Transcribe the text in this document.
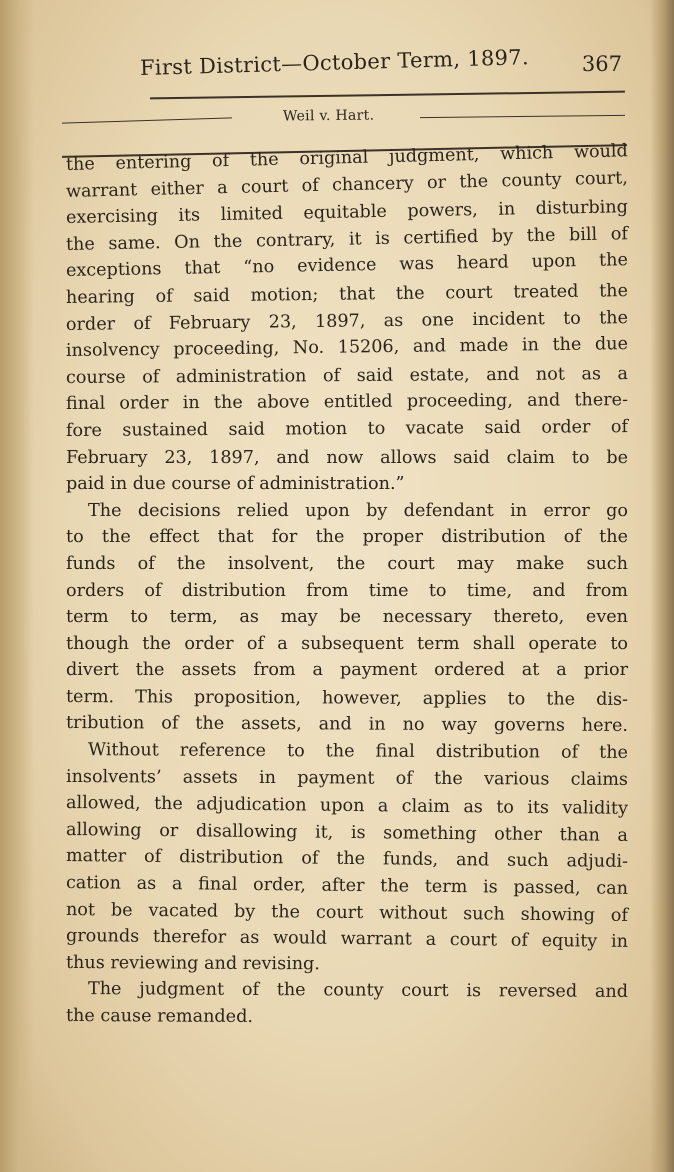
First District—October Term, 1897.	367
Weil v. Hart.
the entering of the original judgment, which would
warrant either a court of chancery or the county court,
exercising its limited equitable powers, in disturbing
the same. On the contrary, it is certified by the bill of
exceptions that “no evidence was heard upon the
hearing of said motion; that the court treated the
order of February 23, 1897, as one incident to the
insolvency proceeding, No. 15206, and made in the due
course of administration of said estate, and not as a
final order in the above entitled proceeding, and there-
fore sustained said motion to vacate said order of
February 23, 1897, and now allows said claim to be
paid in due course of administration.”
The decisions relied upon by defendant in error go
to the effect that for the proper distribution of the
funds of the insolvent, the court may make such
orders of distribution from time to time, and from
term to term, as may be necessary thereto, even
though the order of a subsequent term shall operate to
divert the assets from a payment ordered at a prior
term. This proposition, however, applies to the dis-
tribution of the assets, and in no way governs here.
Without reference to the final distribution of the
insolvents’ assets in payment of the various claims
allowed, the adjudication upon a claim as to its validity
allowing or disallowing it, is something other than a
matter of distribution of the funds, and such adjudi-
cation as a final order, after the term is passed, can
not be vacated by the court without such showing of
grounds therefor as would warrant a court of equity in
thus reviewing and revising.
The judgment of the county court is reversed and
the cause remanded.
